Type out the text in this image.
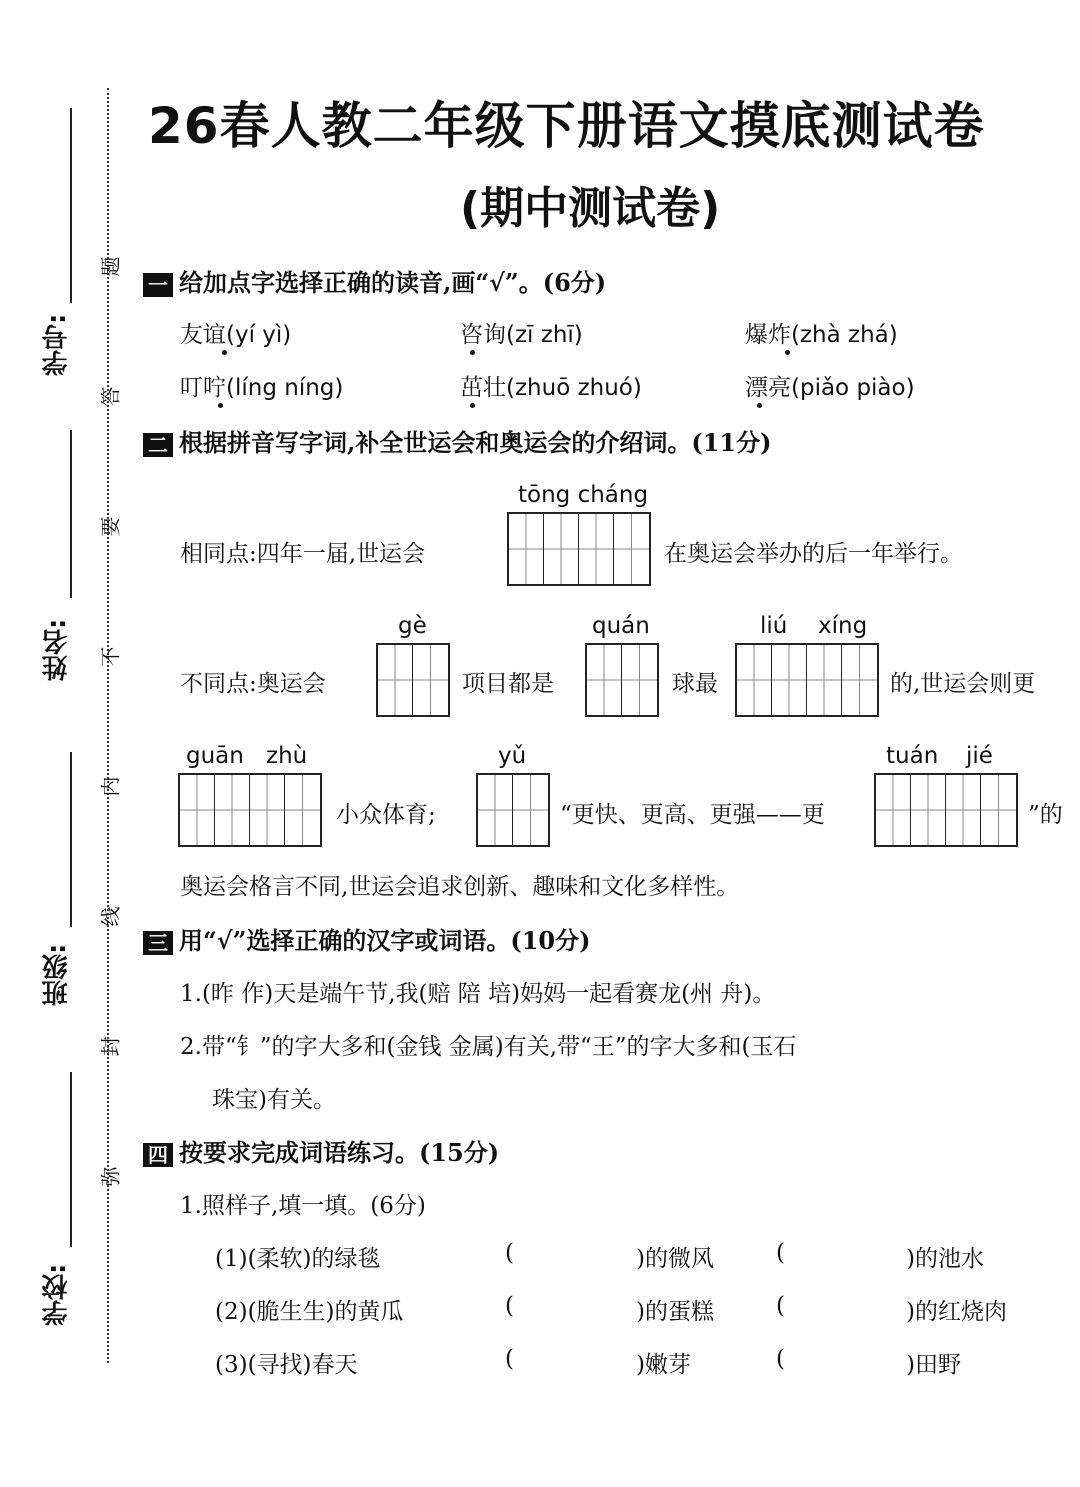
学号:
姓名:
班级:
学校:
题
答
要
不
内
线
封
弥
26春人教二年级下册语文摸底测试卷
(期中测试卷)
一 给加点字选择正确的读音,画“√”。(6分)
友谊(yí yì)	咨询(zī zhī)	爆炸(zhà zhá)
叮咛(líng níng)	茁壮(zhuō zhuó)	漂亮(piǎo piào)
二 根据拼音写字词,补全世运会和奥运会的介绍词。(11分)
tōng cháng
相同点:四年一届,世运会	在奥运会举办的后一年举行。
gè	quán	liú xíng
不同点:奥运会	项目都是	球最	的,世运会则更
guān zhù	yǔ	tuán jié
小众体育;	“更快、更高、更强——更	”的
奥运会格言不同,世运会追求创新、趣味和文化多样性。
三 用“√”选择正确的汉字或词语。(10分)
1.(昨 作)天是端午节,我(赔 陪 培)妈妈一起看赛龙(州 舟)。
2.带“钅”的字大多和(金钱 金属)有关,带“王”的字大多和(玉石
珠宝)有关。
四 按要求完成词语练习。(15分)
1.照样子,填一填。(6分)
(1)(柔软)的绿毯	(	)的微风	(	)的池水
(2)(脆生生)的黄瓜	(	)的蛋糕	(	)的红烧肉
(3)(寻找)春天	(	)嫩芽	(	)田野
